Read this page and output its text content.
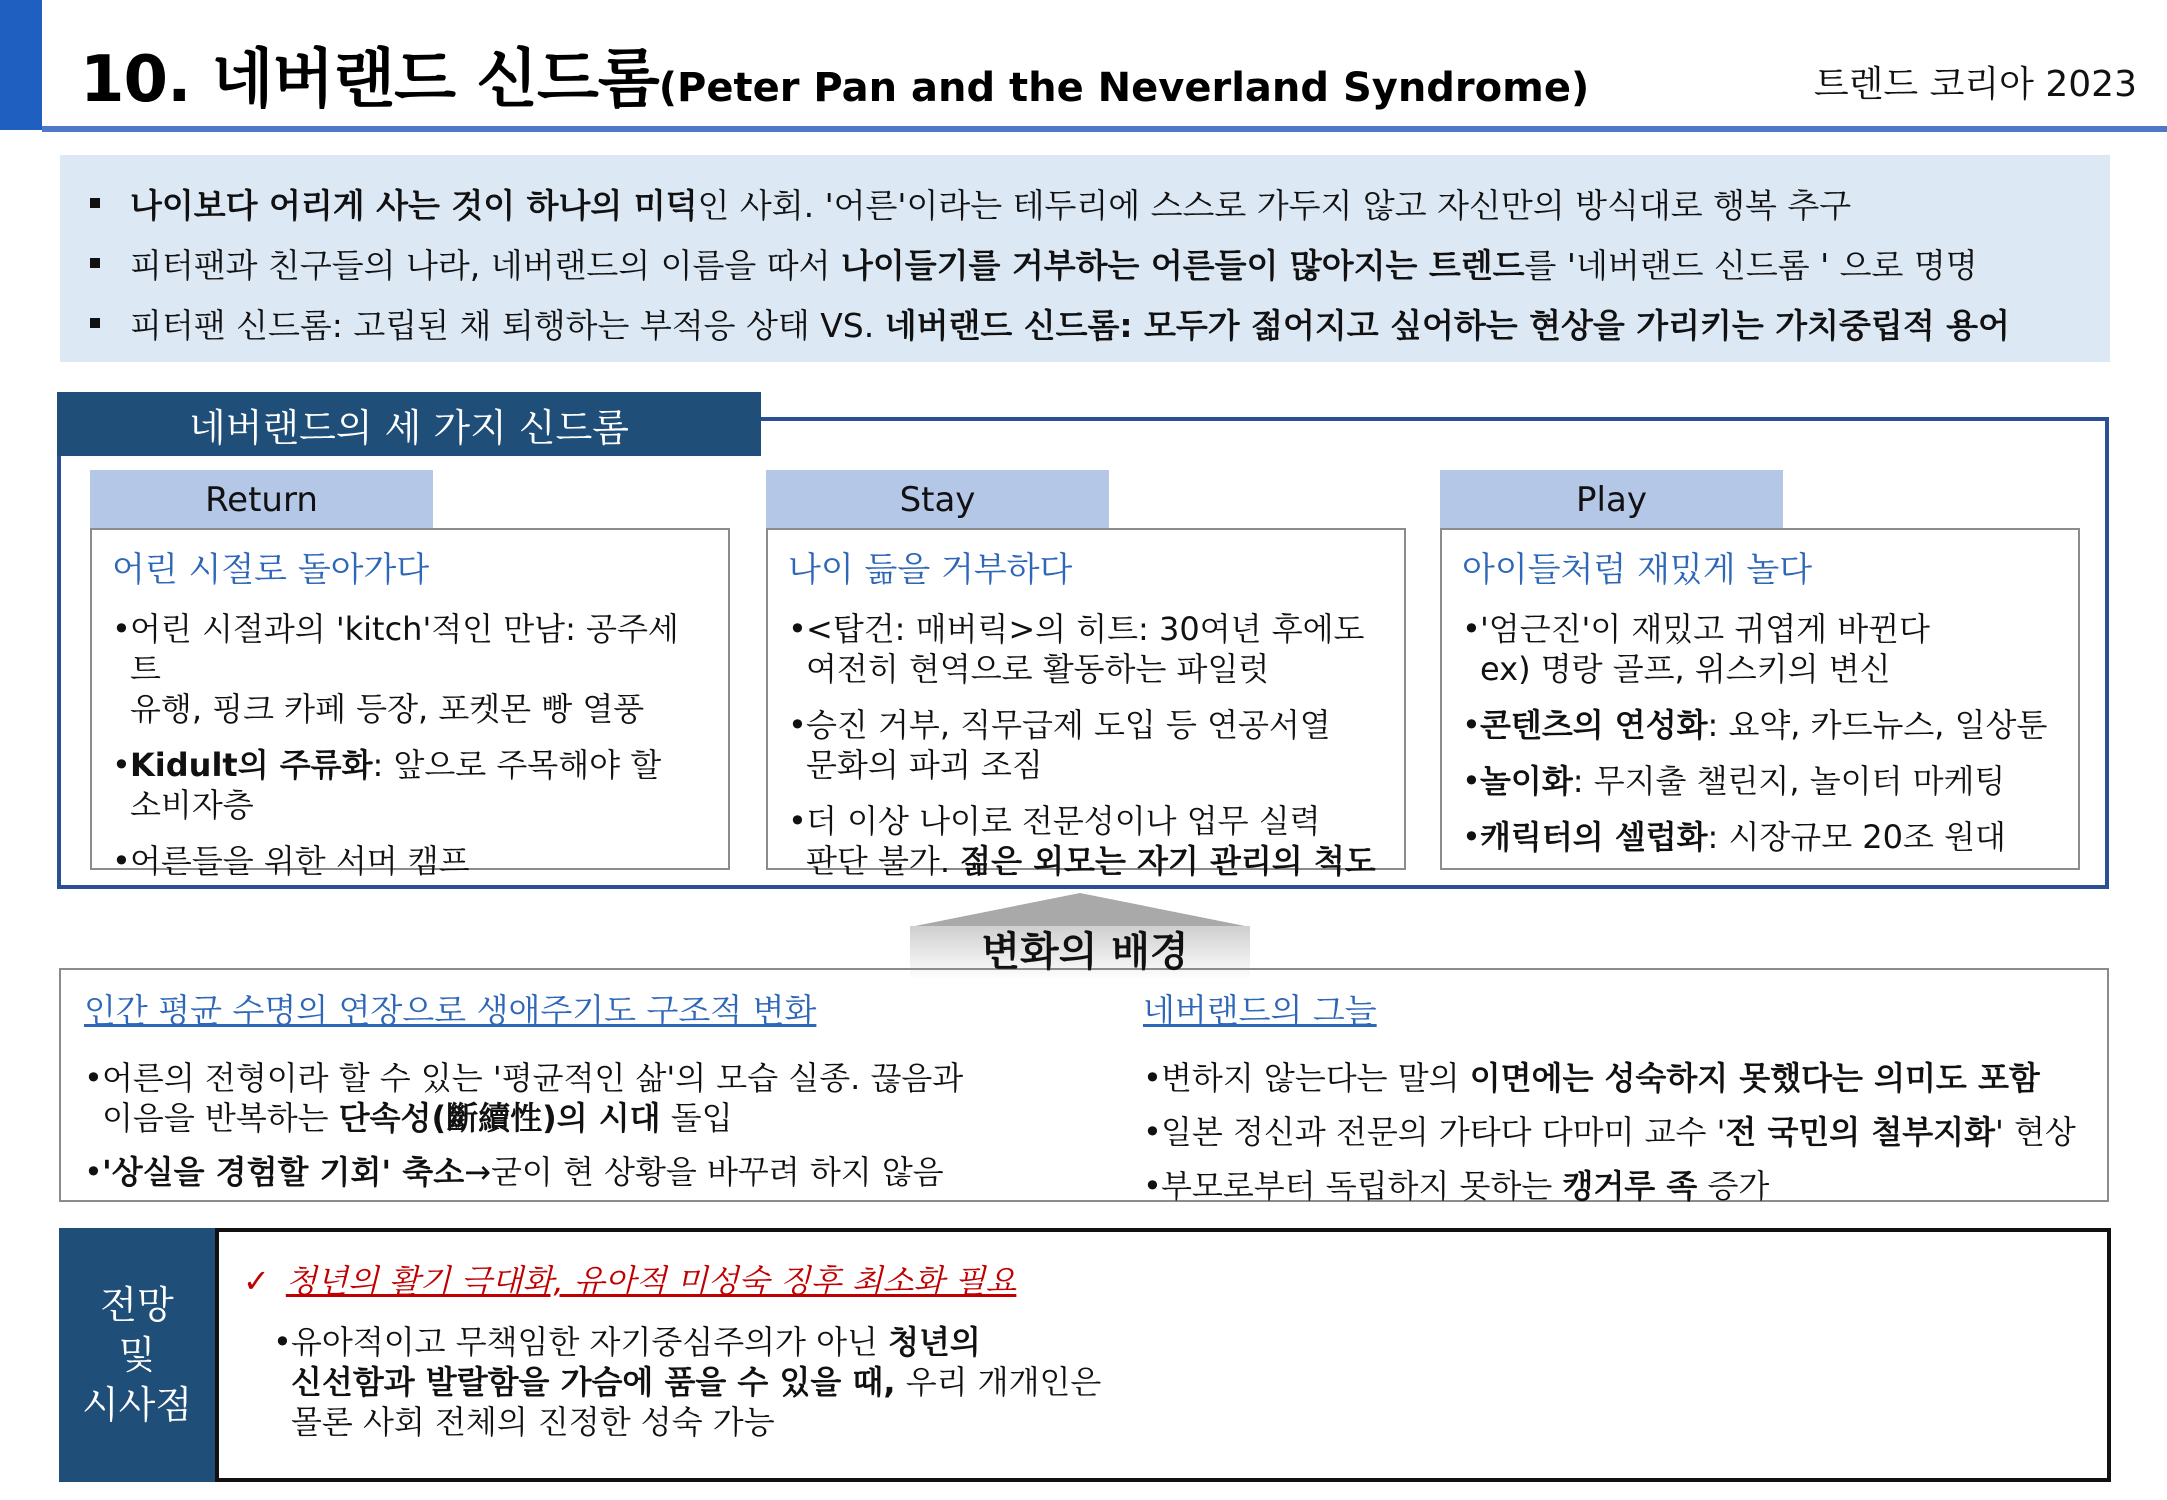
10. 네버랜드 신드롬(Peter Pan and the Neverland Syndrome)	트렌드 코리아 2023
나이보다 어리게 사는 것이 하나의 미덕인 사회. '어른'이라는 테두리에 스스로 가두지 않고 자신만의 방식대로 행복 추구
피터팬과 친구들의 나라, 네버랜드의 이름을 따서 나이들기를 거부하는 어른들이 많아지는 트렌드를 '네버랜드 신드롬 ' 으로 명명
피터팬 신드롬: 고립된 채 퇴행하는 부적응 상태 VS. 네버랜드 신드롬: 모두가 젊어지고 싶어하는 현상을 가리키는 가치중립적 용어
네버랜드의 세 가지 신드롬
Return
어린 시절로 돌아가다
• 어린 시절과의 'kitch'적인 만남: 공주세트
유행, 핑크 카페 등장, 포켓몬 빵 열풍
• Kidult의 주류화: 앞으로 주목해야 할
소비자층
• 어른들을 위한 서머 캠프
Stay
나이 듦을 거부하다
• <탑건: 매버릭>의 히트: 30여년 후에도
여전히 현역으로 활동하는 파일럿
• 승진 거부, 직무급제 도입 등 연공서열
문화의 파괴 조짐
• 더 이상 나이로 전문성이나 업무 실력
판단 불가. 젊은 외모는 자기 관리의 척도
Play
아이들처럼 재밌게 놀다
• '엄근진'이 재밌고 귀엽게 바뀐다
ex) 명랑 골프, 위스키의 변신
• 콘텐츠의 연성화: 요약, 카드뉴스, 일상툰
• 놀이화: 무지출 챌린지, 놀이터 마케팅
• 캐릭터의 셀럽화: 시장규모 20조 원대
변화의 배경
인간 평균 수명의 연장으로 생애주기도 구조적 변화
• 어른의 전형이라 할 수 있는 '평균적인 삶'의 모습 실종. 끊음과
이음을 반복하는 단속성(斷續性)의 시대 돌입
• '상실을 경험할 기회' 축소→굳이 현 상황을 바꾸려 하지 않음
네버랜드의 그늘
• 변하지 않는다는 말의 이면에는 성숙하지 못했다는 의미도 포함
• 일본 정신과 전문의 가타다 다마미 교수 '전 국민의 철부지화' 현상
• 부모로부터 독립하지 못하는 캥거루 족 증가
전망
및
시사점
✓ 청년의 활기 극대화, 유아적 미성숙 징후 최소화 필요
• 유아적이고 무책임한 자기중심주의가 아닌 청년의
신선함과 발랄함을 가슴에 품을 수 있을 때, 우리 개개인은
몰론 사회 전체의 진정한 성숙 가능
